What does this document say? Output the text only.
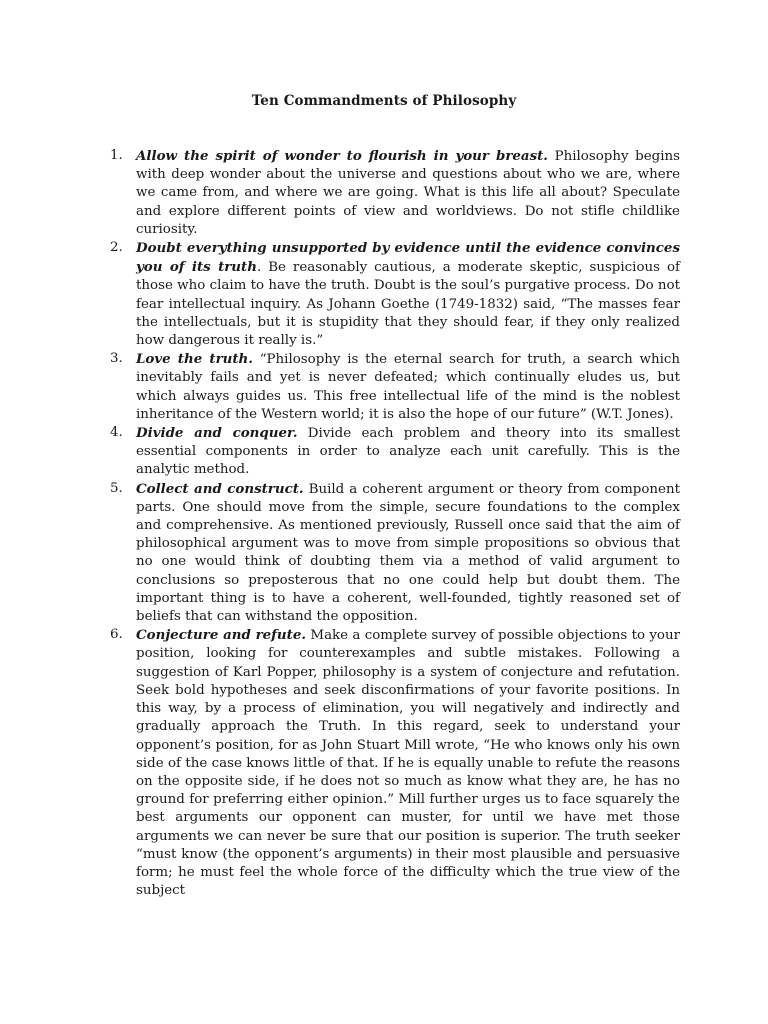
Ten Commandments of Philosophy
1. Allow the spirit of wonder to flourish in your breast. Philosophy begins with deep wonder about the universe and questions about who we are, where we came from, and where we are going. What is this life all about? Speculate and explore different points of view and worldviews. Do not stifle childlike curiosity.
2. Doubt everything unsupported by evidence until the evidence convinces you of its truth. Be reasonably cautious, a moderate skeptic, suspicious of those who claim to have the truth. Doubt is the soul’s purgative process. Do not fear intellectual inquiry. As Johann Goethe (1749-1832) said, “The masses fear the intellectuals, but it is stupidity that they should fear, if they only realized how dangerous it really is.”
3. Love the truth. “Philosophy is the eternal search for truth, a search which inevitably fails and yet is never defeated; which continually eludes us, but which always guides us. This free intellectual life of the mind is the noblest inheritance of the Western world; it is also the hope of our future” (W.T. Jones).
4. Divide and conquer. Divide each problem and theory into its smallest essential components in order to analyze each unit carefully. This is the analytic method.
5. Collect and construct. Build a coherent argument or theory from component parts. One should move from the simple, secure foundations to the complex and comprehensive. As mentioned previously, Russell once said that the aim of philosophical argument was to move from simple propositions so obvious that no one would think of doubting them via a method of valid argument to conclusions so preposterous that no one could help but doubt them. The important thing is to have a coherent, well-founded, tightly reasoned set of beliefs that can withstand the opposition.
6. Conjecture and refute. Make a complete survey of possible objections to your position, looking for counterexamples and subtle mistakes. Following a suggestion of Karl Popper, philosophy is a system of conjecture and refutation. Seek bold hypotheses and seek disconfirmations of your favorite positions. In this way, by a process of elimination, you will negatively and indirectly and gradually approach the Truth. In this regard, seek to understand your opponent’s position, for as John Stuart Mill wrote, “He who knows only his own side of the case knows little of that. If he is equally unable to refute the reasons on the opposite side, if he does not so much as know what they are, he has no ground for preferring either opinion.” Mill further urges us to face squarely the best arguments our opponent can muster, for until we have met those arguments we can never be sure that our position is superior. The truth seeker “must know (the opponent’s arguments) in their most plausible and persuasive form; he must feel the whole force of the difficulty which the true view of the subject
